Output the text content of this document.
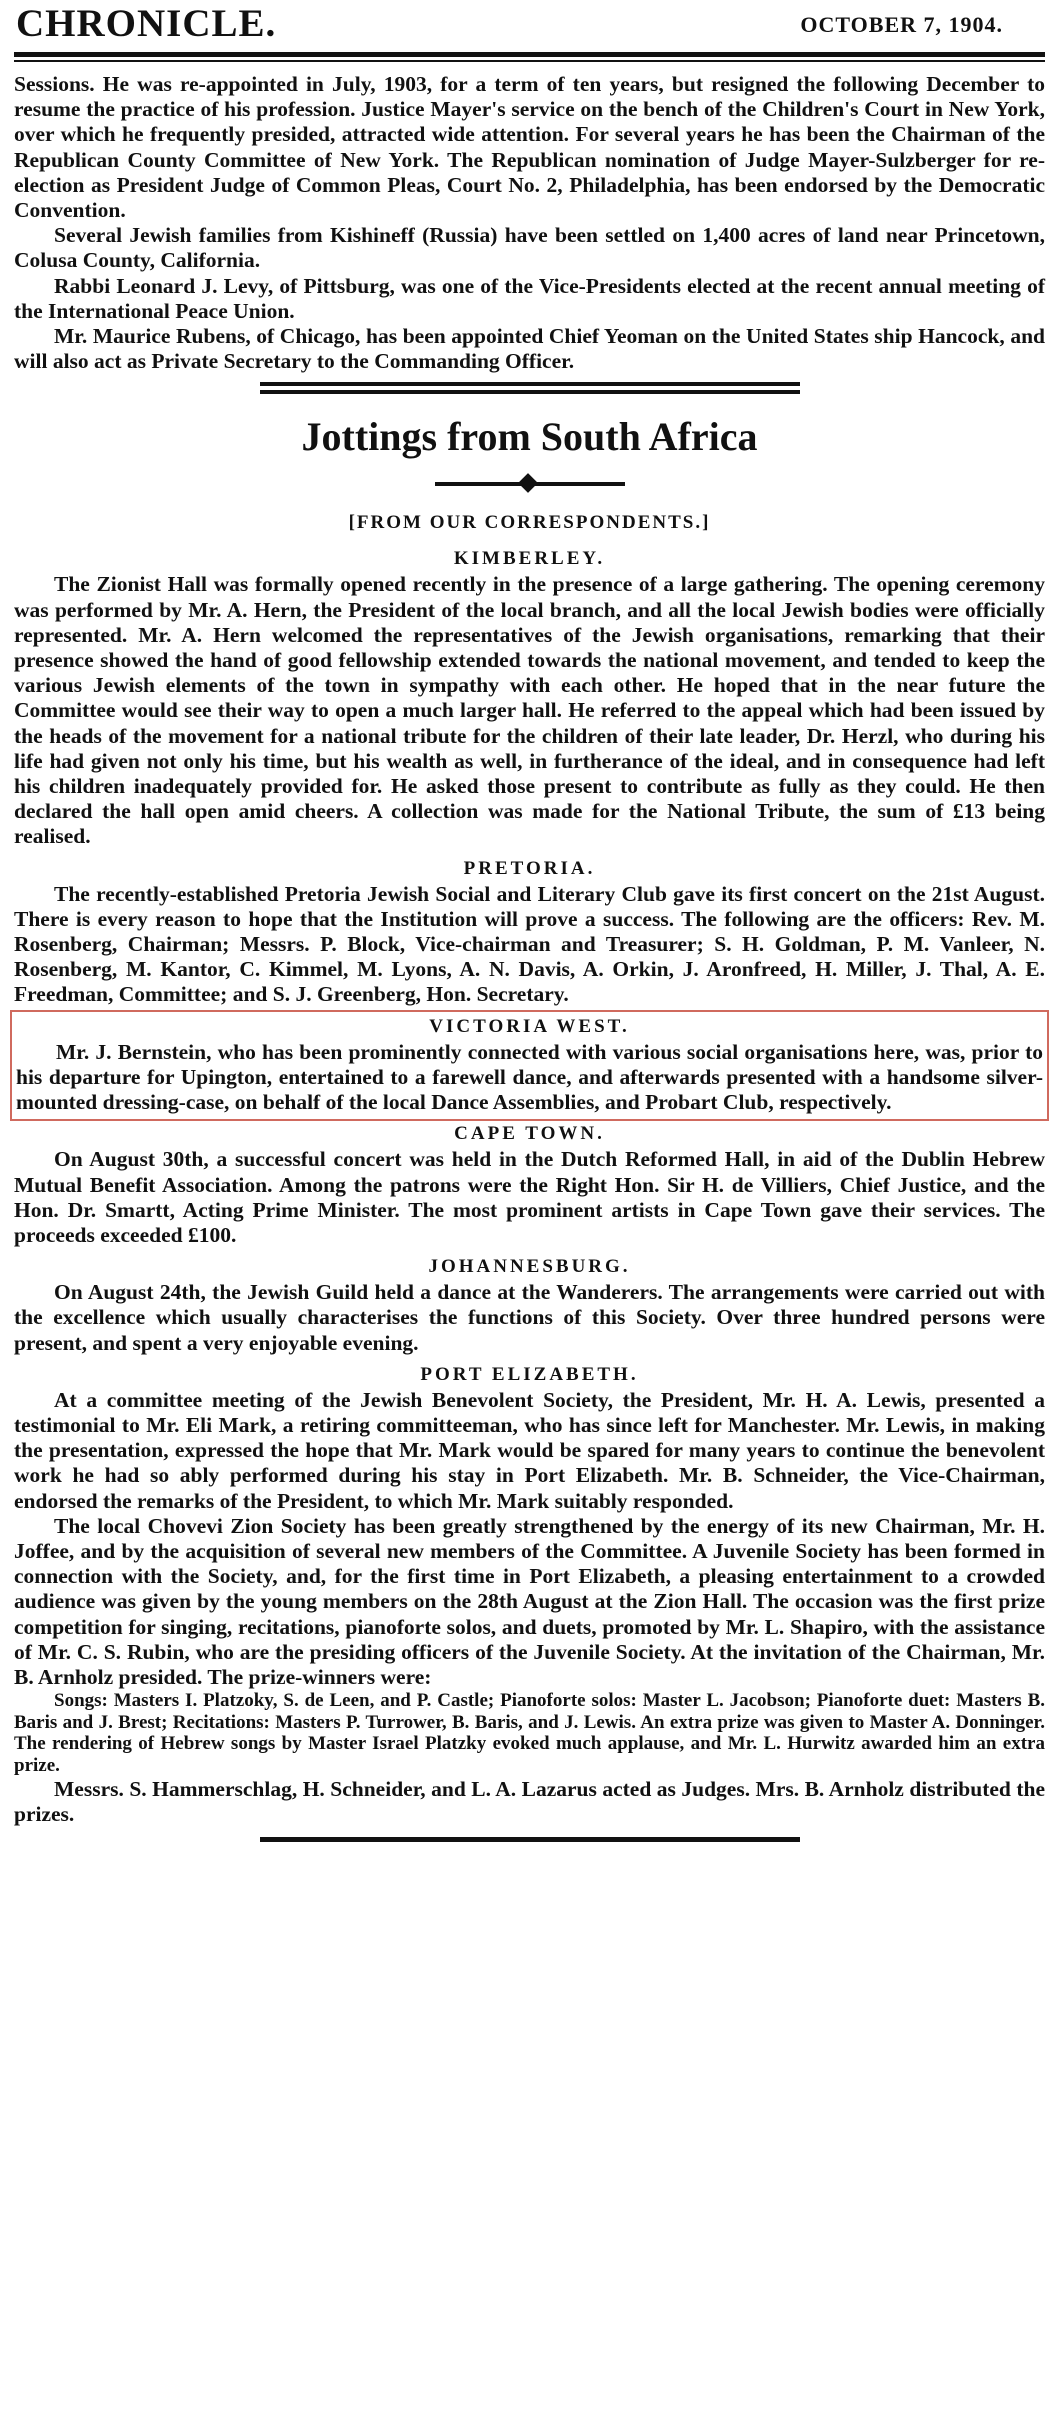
CHRONICLE.	OCTOBER 7, 1904.

Sessions. He was re-appointed in July, 1903, for a term of ten years, but resigned the following December to resume the practice of his profession. Justice Mayer's service on the bench of the Children's Court in New York, over which he frequently presided, attracted wide attention. For several years he has been the Chairman of the Republican County Committee of New York. The Republican nomination of Judge Mayer-Sulzberger for re-election as President Judge of Common Pleas, Court No. 2, Philadelphia, has been endorsed by the Democratic Convention.

Several Jewish families from Kishineff (Russia) have been settled on 1,400 acres of land near Princetown, Colusa County, California.

Rabbi Leonard J. Levy, of Pittsburg, was one of the Vice-Presidents elected at the recent annual meeting of the International Peace Union.

Mr. Maurice Rubens, of Chicago, has been appointed Chief Yeoman on the United States ship Hancock, and will also act as Private Secretary to the Commanding Officer.

Jottings from South Africa
[FROM OUR CORRESPONDENTS.]
KIMBERLEY.

The Zionist Hall was formally opened recently in the presence of a large gathering. The opening ceremony was performed by Mr. A. Hern, the President of the local branch, and all the local Jewish bodies were officially represented. Mr. A. Hern welcomed the representatives of the Jewish organisations, remarking that their presence showed the hand of good fellowship extended towards the national movement, and tended to keep the various Jewish elements of the town in sympathy with each other. He hoped that in the near future the Committee would see their way to open a much larger hall. He referred to the appeal which had been issued by the heads of the movement for a national tribute for the children of their late leader, Dr. Herzl, who during his life had given not only his time, but his wealth as well, in furtherance of the ideal, and in consequence had left his children inadequately provided for. He asked those present to contribute as fully as they could. He then declared the hall open amid cheers. A collection was made for the National Tribute, the sum of £13 being realised.

PRETORIA.

The recently-established Pretoria Jewish Social and Literary Club gave its first concert on the 21st August. There is every reason to hope that the Institution will prove a success. The following are the officers: Rev. M. Rosenberg, Chairman; Messrs. P. Block, Vice-chairman and Treasurer; S. H. Goldman, P. M. Vanleer, N. Rosenberg, M. Kantor, C. Kimmel, M. Lyons, A. N. Davis, A. Orkin, J. Aronfreed, H. Miller, J. Thal, A. E. Freedman, Committee; and S. J. Greenberg, Hon. Secretary.

VICTORIA WEST.

Mr. J. Bernstein, who has been prominently connected with various social organisations here, was, prior to his departure for Upington, entertained to a farewell dance, and afterwards presented with a handsome silver-mounted dressing-case, on behalf of the local Dance Assemblies, and Probart Club, respectively.

CAPE TOWN.

On August 30th, a successful concert was held in the Dutch Reformed Hall, in aid of the Dublin Hebrew Mutual Benefit Association. Among the patrons were the Right Hon. Sir H. de Villiers, Chief Justice, and the Hon. Dr. Smartt, Acting Prime Minister. The most prominent artists in Cape Town gave their services. The proceeds exceeded £100.

JOHANNESBURG.

On August 24th, the Jewish Guild held a dance at the Wanderers. The arrangements were carried out with the excellence which usually characterises the functions of this Society. Over three hundred persons were present, and spent a very enjoyable evening.

PORT ELIZABETH.

At a committee meeting of the Jewish Benevolent Society, the President, Mr. H. A. Lewis, presented a testimonial to Mr. Eli Mark, a retiring committeeman, who has since left for Manchester. Mr. Lewis, in making the presentation, expressed the hope that Mr. Mark would be spared for many years to continue the benevolent work he had so ably performed during his stay in Port Elizabeth. Mr. B. Schneider, the Vice-Chairman, endorsed the remarks of the President, to which Mr. Mark suitably responded.

The local Chovevi Zion Society has been greatly strengthened by the energy of its new Chairman, Mr. H. Joffee, and by the acquisition of several new members of the Committee. A Juvenile Society has been formed in connection with the Society, and, for the first time in Port Elizabeth, a pleasing entertainment to a crowded audience was given by the young members on the 28th August at the Zion Hall. The occasion was the first prize competition for singing, recitations, pianoforte solos, and duets, promoted by Mr. L. Shapiro, with the assistance of Mr. C. S. Rubin, who are the presiding officers of the Juvenile Society. At the invitation of the Chairman, Mr. B. Arnholz presided. The prize-winners were:

Songs: Masters I. Platzoky, S. de Leen, and P. Castle; Pianoforte solos: Master L. Jacobson; Pianoforte duet: Masters B. Baris and J. Brest; Recitations: Masters P. Turrower, B. Baris, and J. Lewis. An extra prize was given to Master A. Donninger. The rendering of Hebrew songs by Master Israel Platzky evoked much applause, and Mr. L. Hurwitz awarded him an extra prize.

Messrs. S. Hammerschlag, H. Schneider, and L. A. Lazarus acted as Judges. Mrs. B. Arnholz distributed the prizes.
